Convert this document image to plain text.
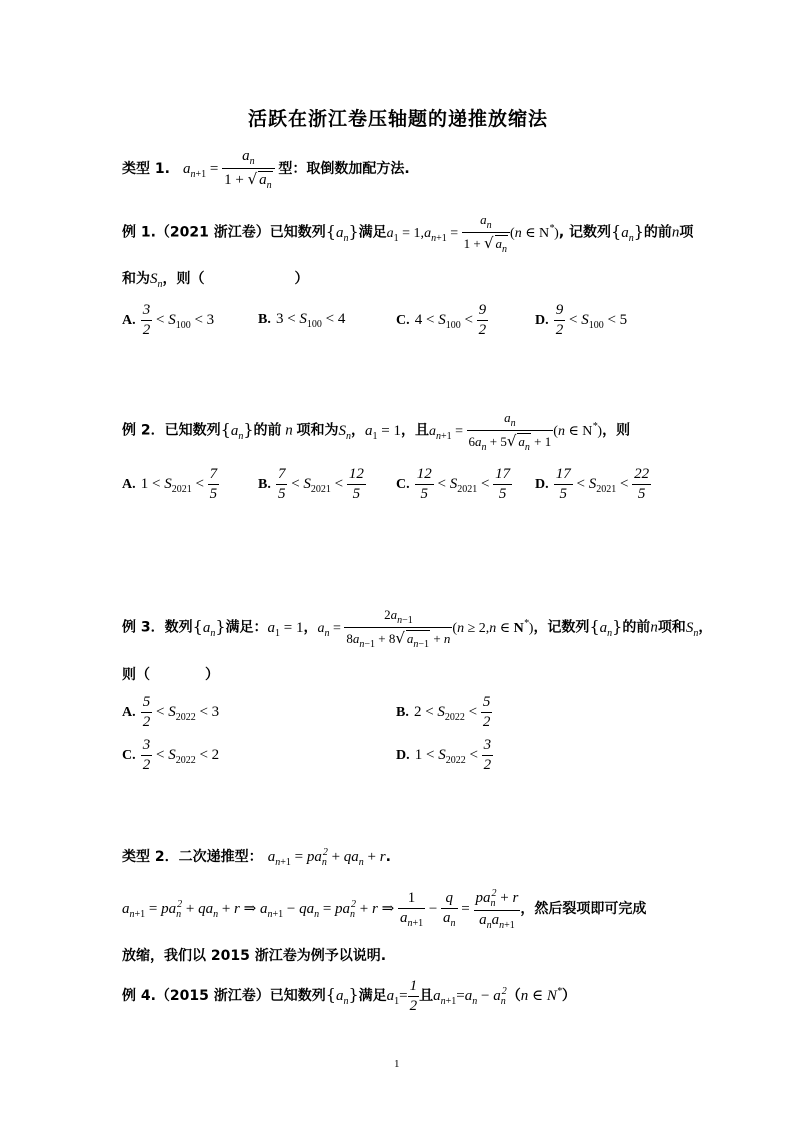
活跃在浙江卷压轴题的递推放缩法
类型 1. $a_{n+1} = \frac{a_n}{1 + √ a_n}$ 型：取倒数加配方法.
例 1.（2021 浙江卷）已知数列$\{a_n\}$满足$a_1 = 1,a_{n+1} = \frac{a_n}{1 + √ a_n} (n$ ∈ N*), 记数列$\{a_n\}$的前n项
和为$S_n$，则（	）
A. $\frac{3}{2} < S_{100} < 3$	B. $3 < S_{100} < 4$	C. $4 < S_{100} < \frac{9}{2}$	D. $\frac{9}{2} < S_{100} < 5$
例 2．已知数列$\{a_n\}$的前 n 项和为$S_n$，$a_1 = 1$，且$a_{n+1} = \frac{a_n}{6a_n + 5√ a_n + 1} (n$ ∈ N*)，则
A. $1 < S_{2021} < \frac{7}{5}$	B. $\frac{7}{5} < S_{2021} < \frac{12}{5} C$. $\frac{12}{5} < S_{2021} < \frac{17}{5} D$. $\frac{17}{5} < S_{2021} < \frac{22}{5}$
例 3．数列$\{a_n\}$满足：$a_1 = 1$，$a_n = \frac{2a_{n-1}}{8a_{n-1} + 8√ a_{n-1} + n} (n \ge 2,n$ ∈ N*)，记数列$\{a_n\}$的前n项和$S_n$，
则（	）
A. $\frac{5}{2} < S_{2022} < 3$	B. $2 < S_{2022} < \frac{5}{2}$
C. $\frac{3}{2} < S_{2022} < 2$	D. $1 < S_{2022} < \frac{3}{2}$
类型 2．二次递推型： $a_{n+1} = pa_n^2 + qa_n + r$.
$a_{n+1} = pa_n^2 + qa_n + r$ ⇒ $a_{n+1} - qa_n = pa_n^2 + r$ ⇒ $\frac{1}{a_{n+1}} - \frac{q}{a_n} = \frac{pa_n^2 + r}{a_na_{n+1}}$ ，然后裂项即可完成
放缩，我们以 2015 浙江卷为例予以说明.
例 4.（2015 浙江卷）已知数列$\{a_n\}$满足$a_1= \frac{1}{2}$ 且$a_{n+1}=a_n - a_n^2(n$ ∈ N*）
1
